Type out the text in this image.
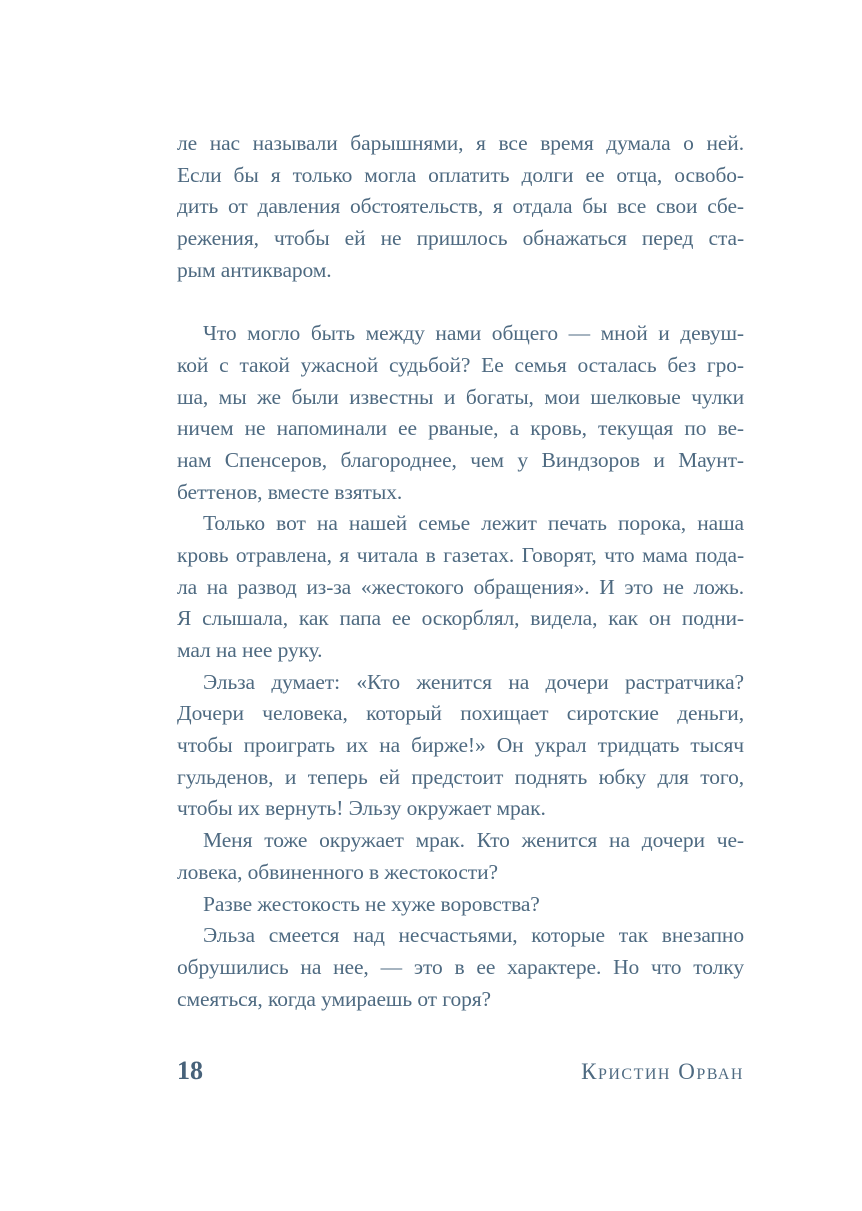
ле нас называли барышнями, я все время думала о ней.
Если бы я только могла оплатить долги ее отца, освобо-
дить от давления обстоятельств, я отдала бы все свои сбе-
режения, чтобы ей не пришлось обнажаться перед ста-
рым антикваром.

Что могло быть между нами общего — мной и девуш-
кой с такой ужасной судьбой? Ее семья осталась без гро-
ша, мы же были известны и богаты, мои шелковые чулки
ничем не напоминали ее рваные, а кровь, текущая по ве-
нам Спенсеров, благороднее, чем у Виндзоров и Маунт-
беттенов, вместе взятых.

Только вот на нашей семье лежит печать порока, наша
кровь отравлена, я читала в газетах. Говорят, что мама пода-
ла на развод из-за «жестокого обращения». И это не ложь.
Я слышала, как папа ее оскорблял, видела, как он подни-
мал на нее руку.

Эльза думает: «Кто женится на дочери растратчика?
Дочери человека, который похищает сиротские деньги,
чтобы проиграть их на бирже!» Он украл тридцать тысяч
гульденов, и теперь ей предстоит поднять юбку для того,
чтобы их вернуть! Эльзу окружает мрак.

Меня тоже окружает мрак. Кто женится на дочери че-
ловека, обвиненного в жестокости?

Разве жестокость не хуже воровства?

Эльза смеется над несчастьями, которые так внезапно
обрушились на нее, — это в ее характере. Но что толку
смеяться, когда умираешь от горя?

18	Кристин Орван
